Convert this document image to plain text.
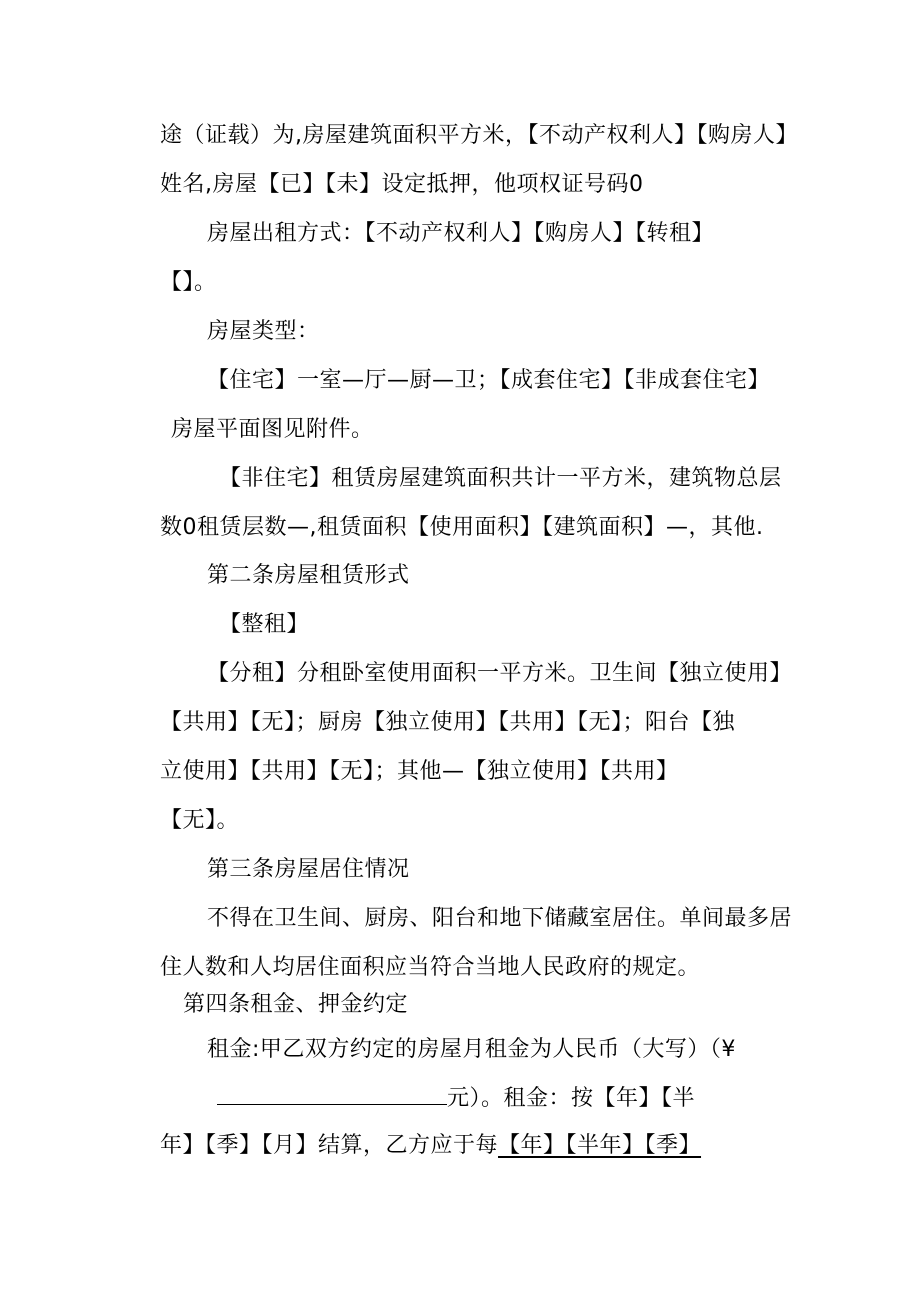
途（证载）为,房屋建筑面积平方米，【不动产权利人】【购房人】
姓名,房屋【已】【未】设定抵押，他项权证号码0
房屋出租方式：【不动产权利人】【购房人】【转租】
【】。
房屋类型：
【住宅】一室—厅—厨—卫；【成套住宅】【非成套住宅】
房屋平面图见附件。
【非住宅】租赁房屋建筑面积共计一平方米，建筑物总层
数0租赁层数—,租赁面积【使用面积】【建筑面积】—，其他.
第二条房屋租赁形式
【整租】
【分租】分租卧室使用面积一平方米。卫生间【独立使用】
【共用】【无】；厨房【独立使用】【共用】【无】；阳台【独
立使用】【共用】【无】；其他—【独立使用】【共用】
【无】。
第三条房屋居住情况
不得在卫生间、厨房、阳台和地下储藏室居住。单间最多居
住人数和人均居住面积应当符合当地人民政府的规定。
第四条租金、押金约定
租金:甲乙双方约定的房屋月租金为人民币（大写）（¥
元）。租金：按【年】【半
年】【季】【月】结算，乙方应于每【年】【半年】【季】
